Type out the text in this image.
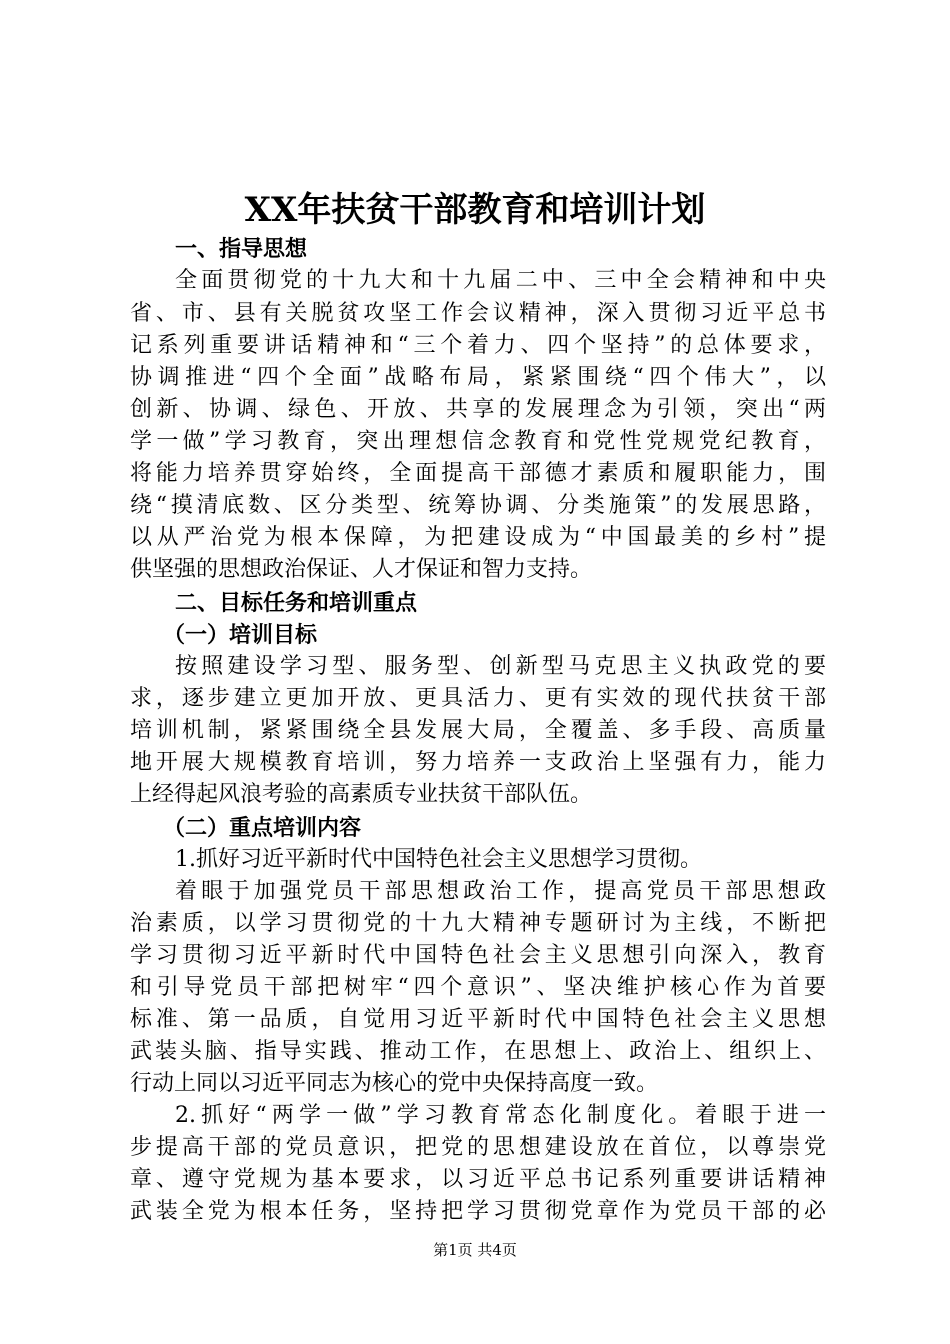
XX年扶贫干部教育和培训计划
一、指导思想
全面贯彻党的十九大和十九届二中、三中全会精神和中央
省、市、县有关脱贫攻坚工作会议精神，深入贯彻习近平总书
记系列重要讲话精神和“三个着力、四个坚持”的总体要求，
协调推进“四个全面”战略布局，紧紧围绕“四个伟大”，以
创新、协调、绿色、开放、共享的发展理念为引领，突出“两
学一做”学习教育，突出理想信念教育和党性党规党纪教育，
将能力培养贯穿始终，全面提高干部德才素质和履职能力，围
绕“摸清底数、区分类型、统筹协调、分类施策”的发展思路，
以从严治党为根本保障，为把建设成为“中国最美的乡村”提
供坚强的思想政治保证、人才保证和智力支持。
二、目标任务和培训重点
（一）培训目标
按照建设学习型、服务型、创新型马克思主义执政党的要
求，逐步建立更加开放、更具活力、更有实效的现代扶贫干部
培训机制，紧紧围绕全县发展大局，全覆盖、多手段、高质量
地开展大规模教育培训，努力培养一支政治上坚强有力，能力
上经得起风浪考验的高素质专业扶贫干部队伍。
（二）重点培训内容
1.抓好习近平新时代中国特色社会主义思想学习贯彻。
着眼于加强党员干部思想政治工作，提高党员干部思想政
治素质，以学习贯彻党的十九大精神专题研讨为主线，不断把
学习贯彻习近平新时代中国特色社会主义思想引向深入，教育
和引导党员干部把树牢“四个意识”、坚决维护核心作为首要
标准、第一品质，自觉用习近平新时代中国特色社会主义思想
武装头脑、指导实践、推动工作，在思想上、政治上、组织上、
行动上同以习近平同志为核心的党中央保持高度一致。
2.抓好“两学一做”学习教育常态化制度化。着眼于进一
步提高干部的党员意识，把党的思想建设放在首位，以尊崇党
章、遵守党规为基本要求，以习近平总书记系列重要讲话精神
武装全党为根本任务，坚持把学习贯彻党章作为党员干部的必
第1页 共4页
